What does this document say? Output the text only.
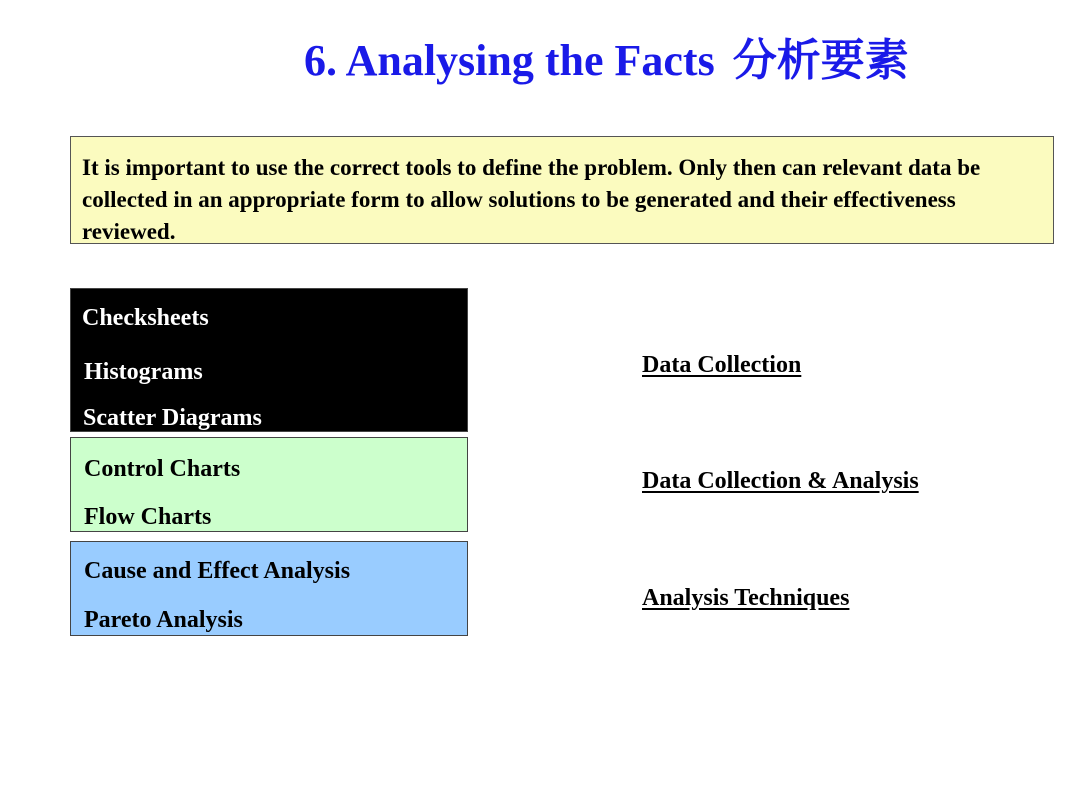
6. Analysing the Facts 分析要素

It is important to use the correct tools to define the problem. Only then can relevant data be collected in an appropriate form to allow solutions to be generated and their effectiveness reviewed.

Checksheets

Histograms

Scatter Diagrams

Control Charts

Flow Charts

Cause and Effect Analysis

Pareto Analysis

Data Collection

Data Collection & Analysis

Analysis Techniques
